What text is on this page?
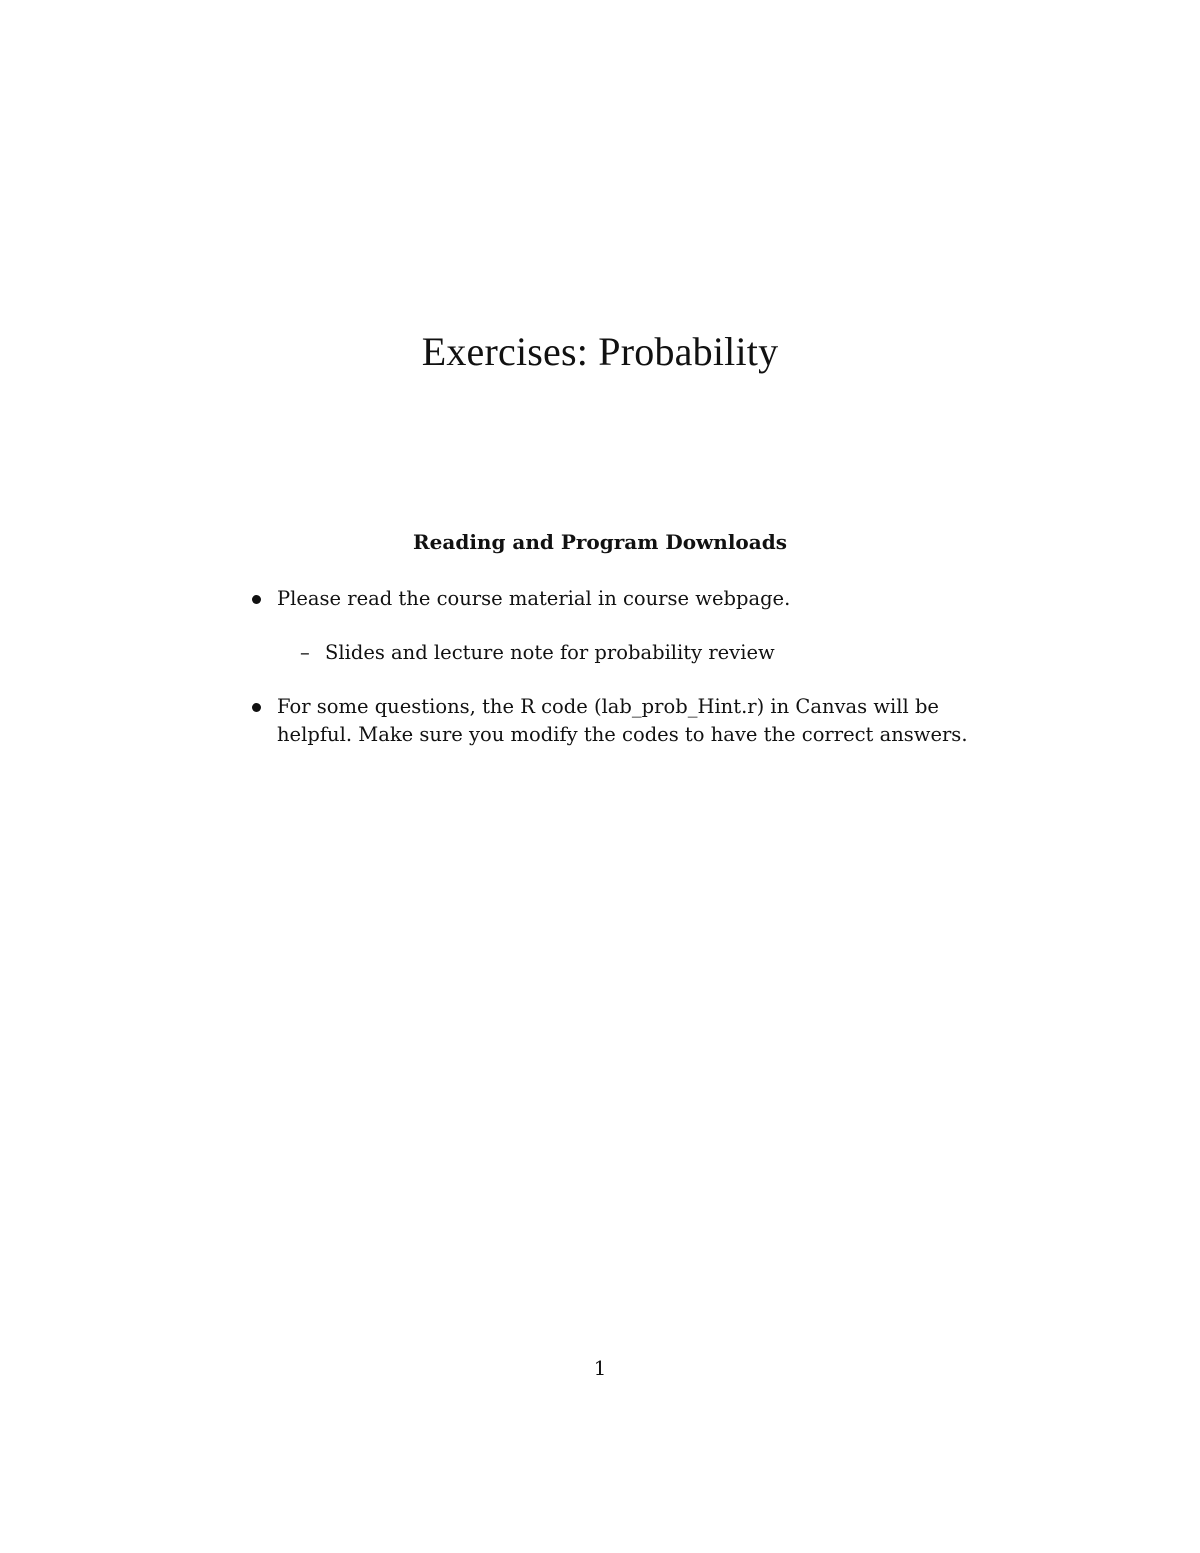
Exercises: Probability
Reading and Program Downloads
Please read the course material in course webpage.
– Slides and lecture note for probability review
For some questions, the R code (lab_prob_Hint.r) in Canvas will be helpful. Make sure you modify the codes to have the correct answers.
1
